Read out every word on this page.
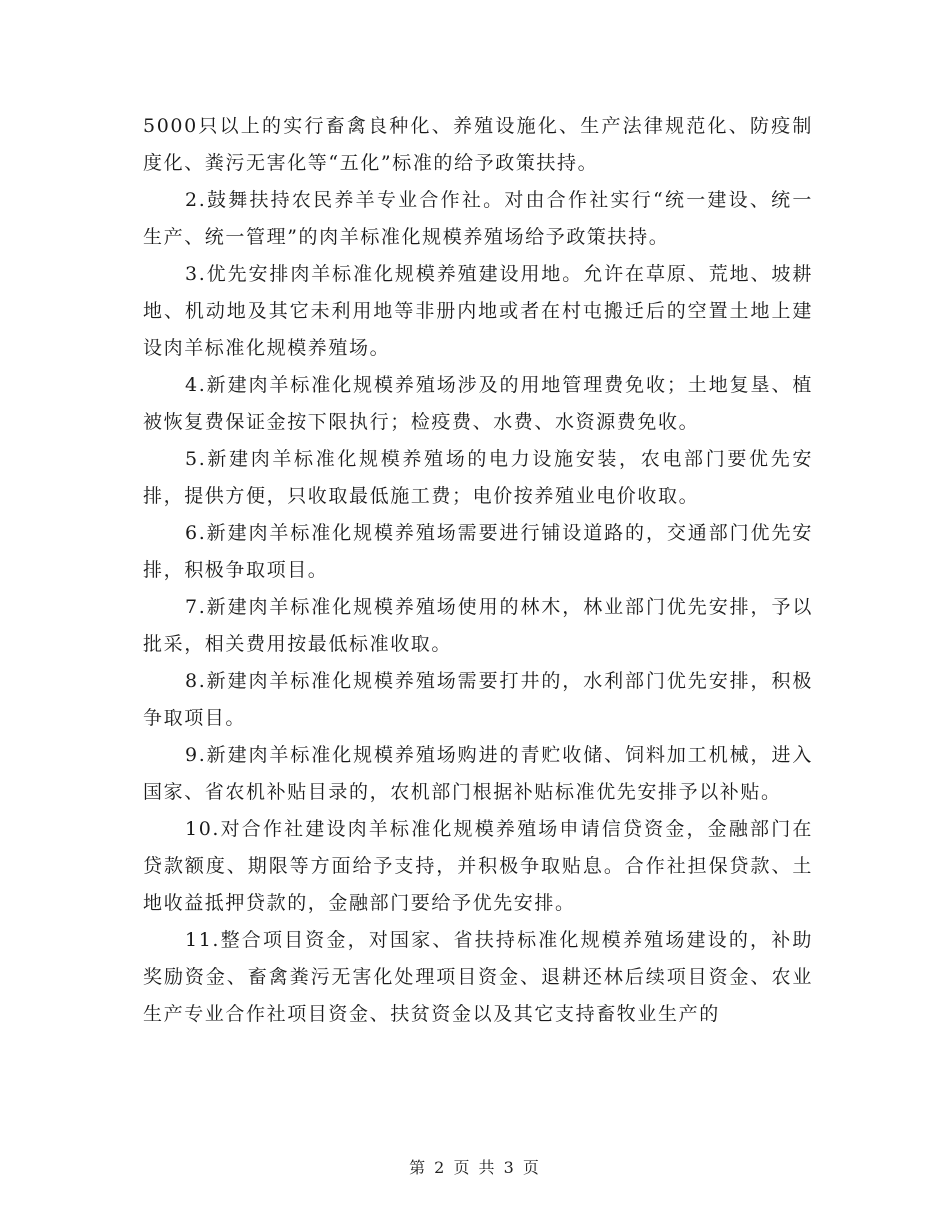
5000只以上的实行畜禽良种化、养殖设施化、生产法律规范化、防疫制度化、粪污无害化等“五化”标准的给予政策扶持。

2.鼓舞扶持农民养羊专业合作社。对由合作社实行“统一建设、统一生产、统一管理”的肉羊标准化规模养殖场给予政策扶持。

3.优先安排肉羊标准化规模养殖建设用地。允许在草原、荒地、坡耕地、机动地及其它未利用地等非册内地或者在村屯搬迁后的空置土地上建设肉羊标准化规模养殖场。

4.新建肉羊标准化规模养殖场涉及的用地管理费免收；土地复垦、植被恢复费保证金按下限执行；检疫费、水费、水资源费免收。

5.新建肉羊标准化规模养殖场的电力设施安装，农电部门要优先安排，提供方便，只收取最低施工费；电价按养殖业电价收取。

6.新建肉羊标准化规模养殖场需要进行铺设道路的，交通部门优先安排，积极争取项目。

7.新建肉羊标准化规模养殖场使用的林木，林业部门优先安排，予以批采，相关费用按最低标准收取。

8.新建肉羊标准化规模养殖场需要打井的，水利部门优先安排，积极争取项目。

9.新建肉羊标准化规模养殖场购进的青贮收储、饲料加工机械，进入国家、省农机补贴目录的，农机部门根据补贴标准优先安排予以补贴。

10.对合作社建设肉羊标准化规模养殖场申请信贷资金，金融部门在贷款额度、期限等方面给予支持，并积极争取贴息。合作社担保贷款、土地收益抵押贷款的，金融部门要给予优先安排。

11.整合项目资金，对国家、省扶持标准化规模养殖场建设的，补助奖励资金、畜禽粪污无害化处理项目资金、退耕还林后续项目资金、农业生产专业合作社项目资金、扶贫资金以及其它支持畜牧业生产的

第 2 页 共 3 页
